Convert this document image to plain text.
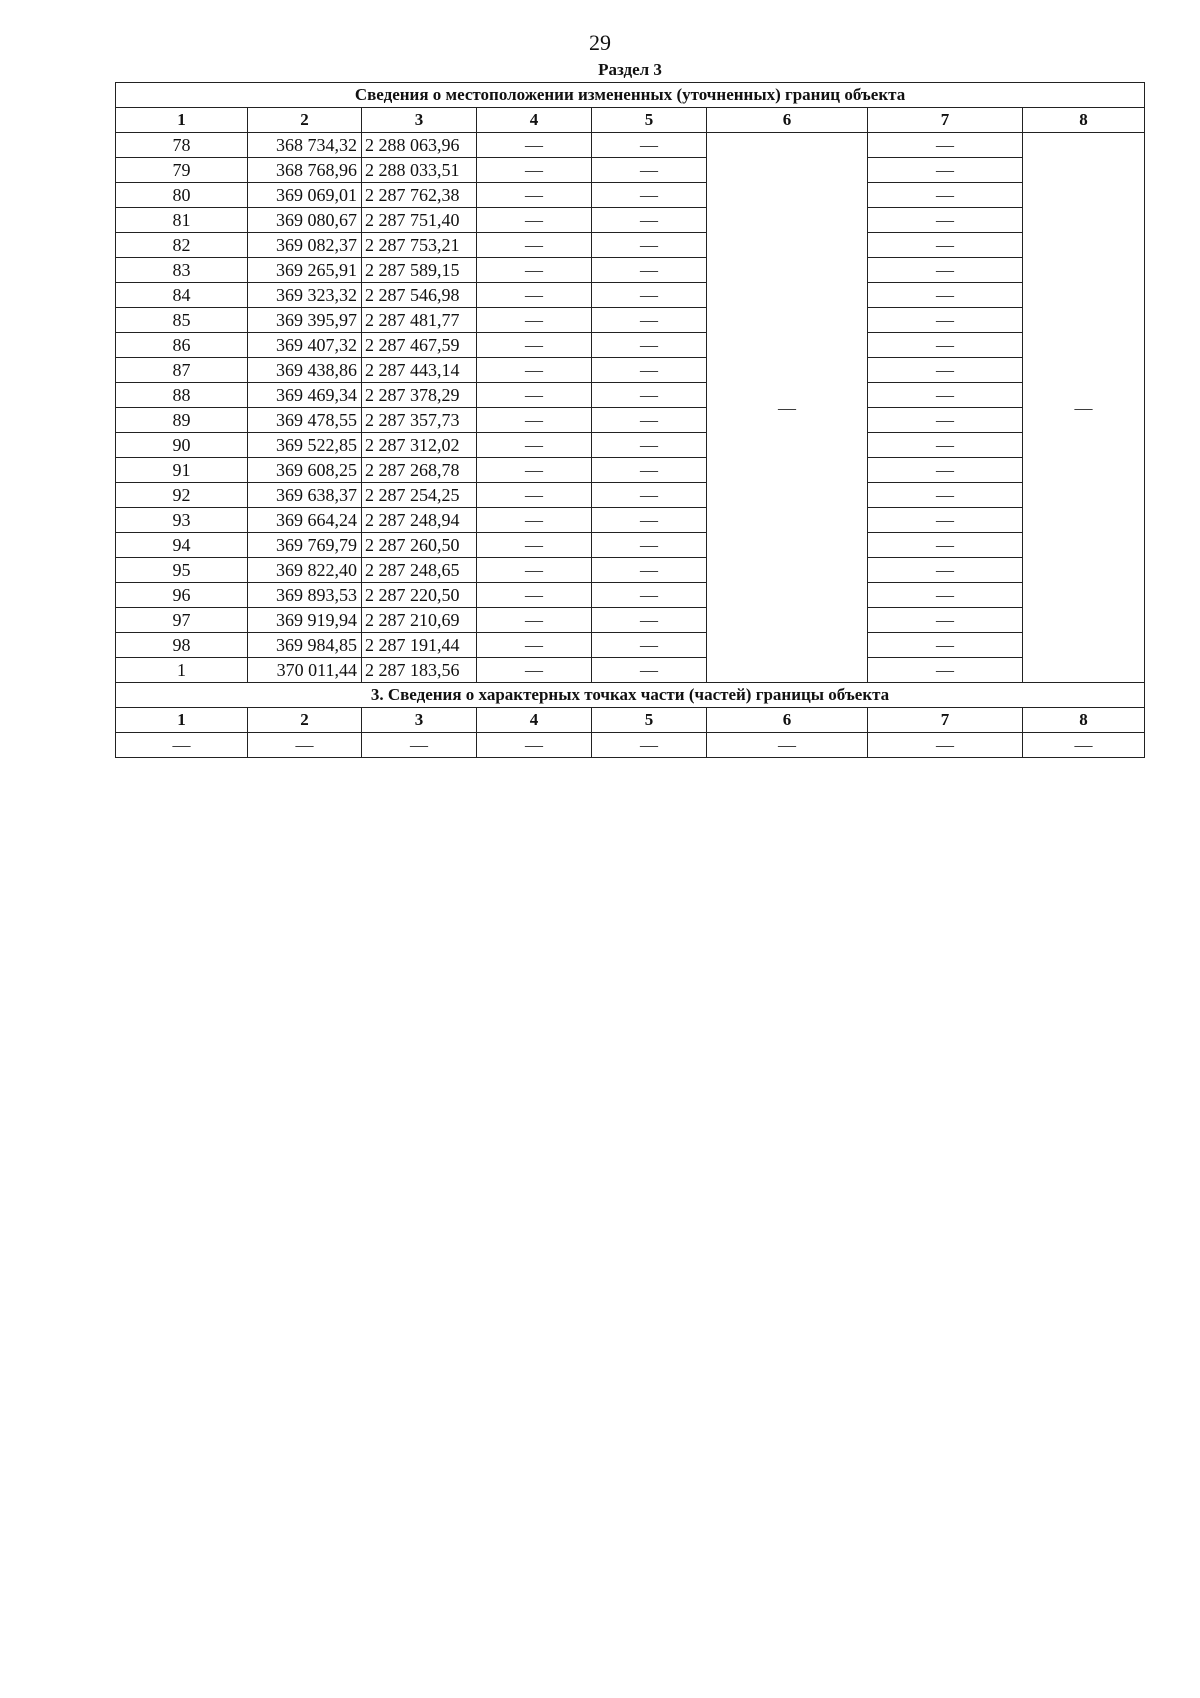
29
Раздел 3
Сведения о местоположении измененных (уточненных) границ объекта							
1	2	3	4	5	6	7	8
78	368 734,32	2 288 063,96	—	—	—	—	—
79	368 768,96	2 288 033,51	—	—		—	
80	369 069,01	2 287 762,38	—	—		—	
81	369 080,67	2 287 751,40	—	—		—	
82	369 082,37	2 287 753,21	—	—		—	
83	369 265,91	2 287 589,15	—	—		—	
84	369 323,32	2 287 546,98	—	—		—	
85	369 395,97	2 287 481,77	—	—		—	
86	369 407,32	2 287 467,59	—	—		—	
87	369 438,86	2 287 443,14	—	—		—	
88	369 469,34	2 287 378,29	—	—		—	
89	369 478,55	2 287 357,73	—	—		—	
90	369 522,85	2 287 312,02	—	—		—	
91	369 608,25	2 287 268,78	—	—		—	
92	369 638,37	2 287 254,25	—	—		—	
93	369 664,24	2 287 248,94	—	—		—	
94	369 769,79	2 287 260,50	—	—		—	
95	369 822,40	2 287 248,65	—	—		—	
96	369 893,53	2 287 220,50	—	—		—	
97	369 919,94	2 287 210,69	—	—		—	
98	369 984,85	2 287 191,44	—	—		—	
1	370 011,44	2 287 183,56	—	—		—	
3. Сведения о характерных точках части (частей) границы объекта							
1	2	3	4	5	6	7	8
—	—	—	—	—	—	—	—
